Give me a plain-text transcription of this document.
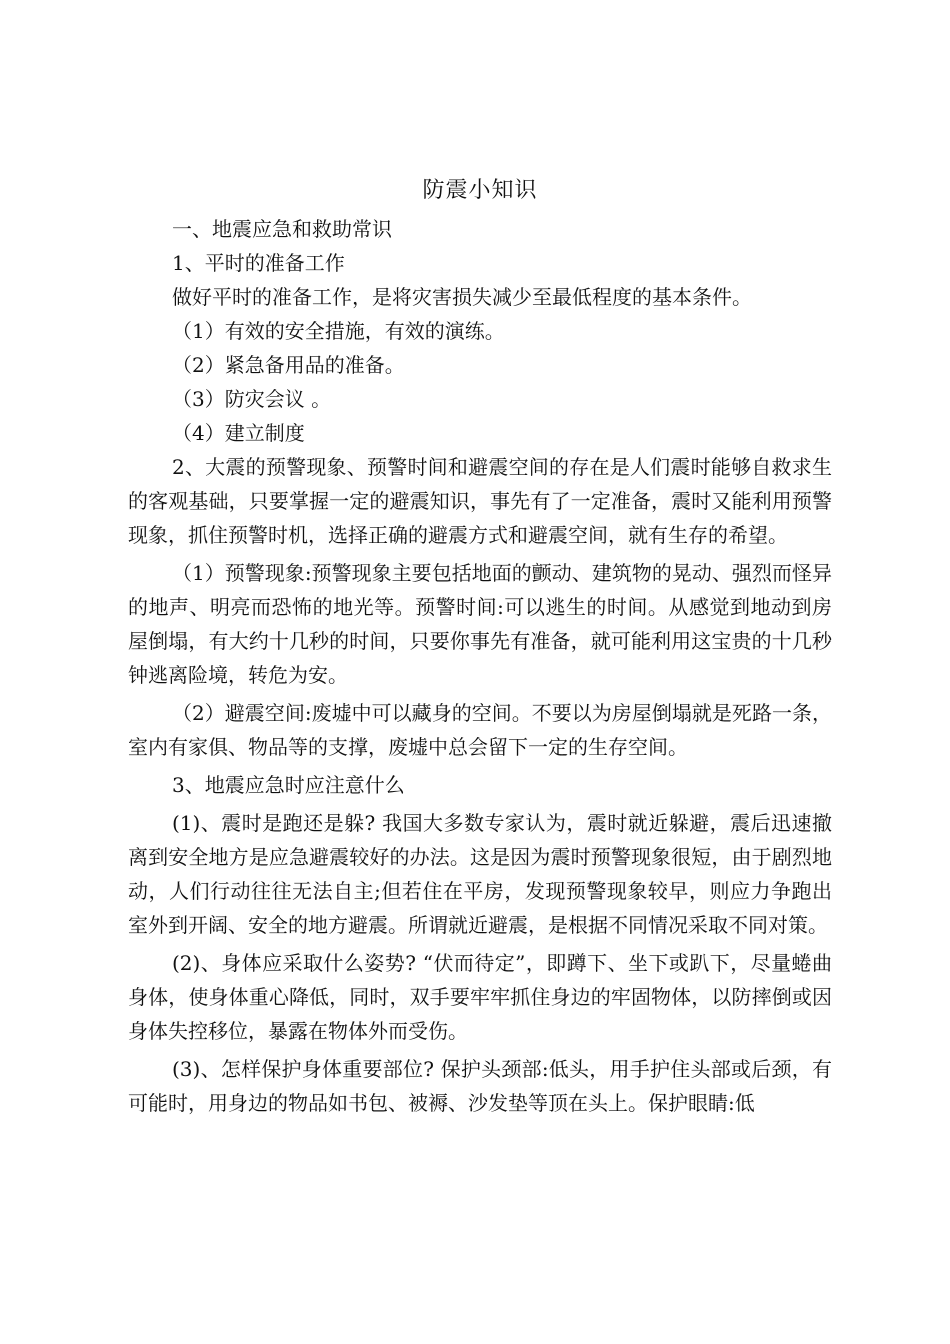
防震小知识

一、地震应急和救助常识

1、平时的准备工作

做好平时的准备工作，是将灾害损失减少至最低程度的基本条件。

（1）有效的安全措施，有效的演练。

（2）紧急备用品的准备。

（3）防灾会议 。

（4）建立制度

2、大震的预警现象、预警时间和避震空间的存在是人们震时能够自救求生的客观基础，只要掌握一定的避震知识，事先有了一定准备，震时又能利用预警现象，抓住预警时机，选择正确的避震方式和避震空间，就有生存的希望。

（1）预警现象:预警现象主要包括地面的颤动、建筑物的晃动、强烈而怪异的地声、明亮而恐怖的地光等。预警时间:可以逃生的时间。从感觉到地动到房屋倒塌，有大约十几秒的时间，只要你事先有准备，就可能利用这宝贵的十几秒钟逃离险境，转危为安。

（2）避震空间:废墟中可以藏身的空间。不要以为房屋倒塌就是死路一条，室内有家俱、物品等的支撑，废墟中总会留下一定的生存空间。

3、地震应急时应注意什么

(1)、震时是跑还是躲? 我国大多数专家认为，震时就近躲避，震后迅速撤离到安全地方是应急避震较好的办法。这是因为震时预警现象很短，由于剧烈地动，人们行动往往无法自主;但若住在平房，发现预警现象较早，则应力争跑出室外到开阔、安全的地方避震。所谓就近避震，是根据不同情况采取不同对策。

(2)、身体应采取什么姿势? “伏而待定”，即蹲下、坐下或趴下，尽量蜷曲身体，使身体重心降低，同时，双手要牢牢抓住身边的牢固物体，以防摔倒或因身体失控移位，暴露在物体外而受伤。

(3)、怎样保护身体重要部位? 保护头颈部:低头，用手护住头部或后颈，有可能时，用身边的物品如书包、被褥、沙发垫等顶在头上。保护眼睛:低
